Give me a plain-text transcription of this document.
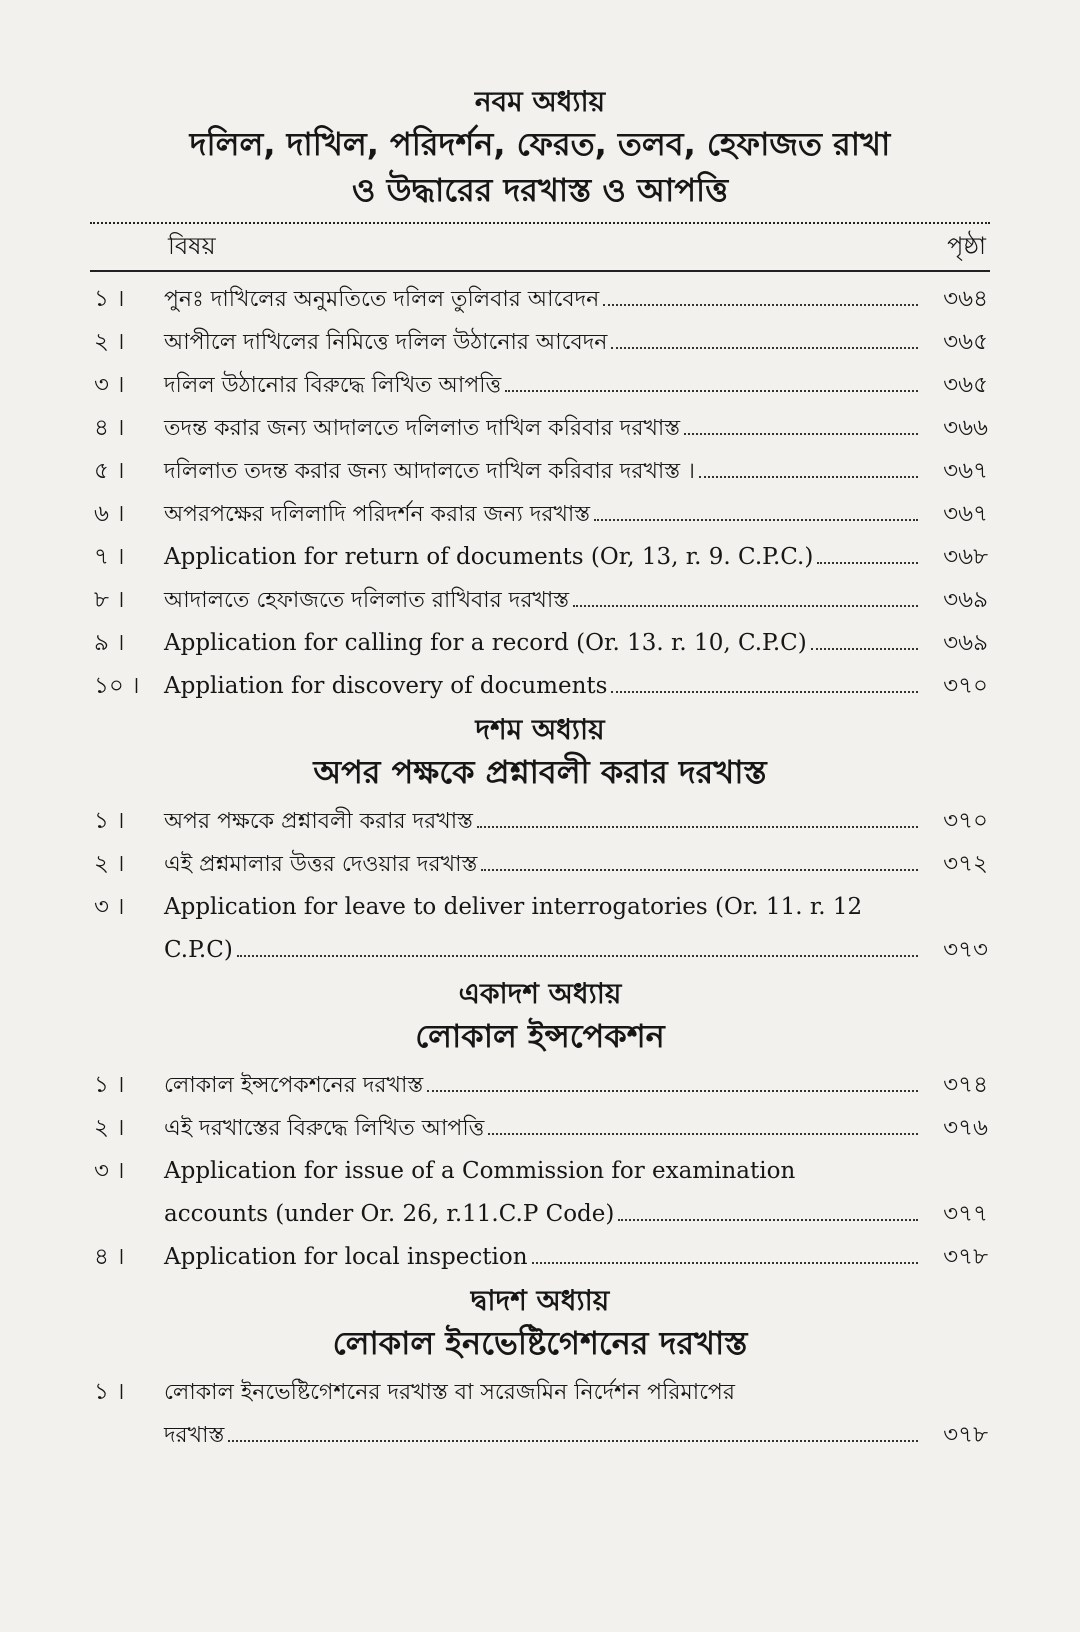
নবম অধ্যায়
দলিল, দাখিল, পরিদর্শন, ফেরত, তলব, হেফাজত রাখা
ও উদ্ধারের দরখাস্ত ও আপত্তি
বিষয়	পৃষ্ঠা
১ ।	পুনঃ দাখিলের অনুমতিতে দলিল তুলিবার আবেদন	৩৬৪
২ ।	আপীলে দাখিলের নিমিত্তে দলিল উঠানোর আবেদন	৩৬৫
৩ ।	দলিল উঠানোর বিরুদ্ধে লিখিত আপত্তি	৩৬৫
৪ ।	তদন্ত করার জন্য আদালতে দলিলাত দাখিল করিবার দরখাস্ত	৩৬৬
৫ ।	দলিলাত তদন্ত করার জন্য আদালতে দাখিল করিবার দরখাস্ত ।	৩৬৭
৬ ।	অপরপক্ষের দলিলাদি পরিদর্শন করার জন্য দরখাস্ত	৩৬৭
৭ ।	Application for return of documents (Or, 13, r. 9. C.P.C.)	৩৬৮
৮ ।	আদালতে হেফাজতে দলিলাত রাখিবার দরখাস্ত	৩৬৯
৯ ।	Application for calling for a record (Or. 13. r. 10, C.P.C)	৩৬৯
১০ ।	Appliation for discovery of documents	৩৭০
দশম অধ্যায়
অপর পক্ষকে প্রশ্নাবলী করার দরখাস্ত
১ ।	অপর পক্ষকে প্রশ্নাবলী করার দরখাস্ত	৩৭০
২ ।	এই প্রশ্নমালার উত্তর দেওয়ার দরখাস্ত	৩৭২
৩ ।	Application for leave to deliver interrogatories (Or. 11. r. 12
C.P.C)	৩৭৩
একাদশ অধ্যায়
লোকাল ইন্সপেকশন
১ ।	লোকাল ইন্সপেকশনের দরখাস্ত	৩৭৪
২ ।	এই দরখাস্তের বিরুদ্ধে লিখিত আপত্তি	৩৭৬
৩ ।	Application for issue of a Commission for examination
accounts (under Or. 26, r.11.C.P Code)	৩৭৭
৪ ।	Application for local inspection	৩৭৮
দ্বাদশ অধ্যায়
লোকাল ইনভেষ্টিগেশনের দরখাস্ত
১ ।	লোকাল ইনভেষ্টিগেশনের দরখাস্ত বা সরেজমিন নির্দেশন পরিমাপের
দরখাস্ত	৩৭৮
